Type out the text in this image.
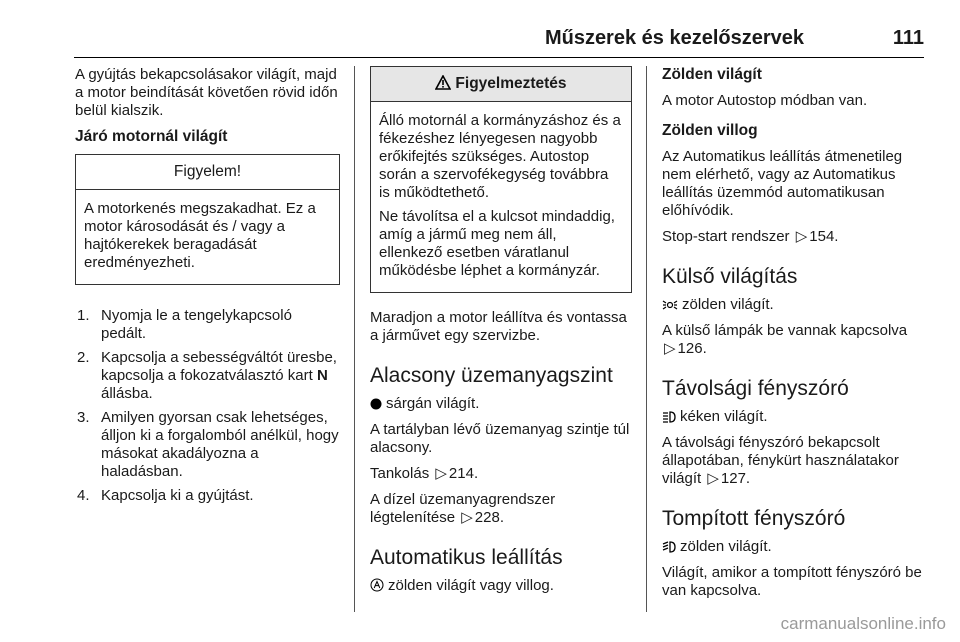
Műszerek és kezelőszervek	111

A gyújtás bekapcsolásakor világít, majd a motor beindítását követően rövid időn belül kialszik.

Járó motornál világít
Figyelem!

A motorkenés megszakadhat. Ez a motor károsodását és / vagy a hajtókerekek beragadását eredményezheti.

1. Nyomja le a tengelykapcsoló pedált.
2. Kapcsolja a sebességváltót üresbe, kapcsolja a fokozatválasztó kart N állásba.
3. Amilyen gyorsan csak lehetséges, álljon ki a forgalomból anélkül, hogy másokat akadályozna a haladásban.
4. Kapcsolja ki a gyújtást.
Figyelmeztetés

Álló motornál a kormányzáshoz és a fékezéshez lényegesen nagyobb erőkifejtés szükséges. Autostop során a szervofékegység továbbra is működtethető.

Ne távolítsa el a kulcsot mindaddig, amíg a jármű meg nem áll, ellenkező esetben váratlanul működésbe léphet a kormányzár.

Maradjon a motor leállítva és vontassa a járművet egy szervizbe.

Alacsony üzemanyagszint

sárgán világít.

A tartályban lévő üzemanyag szintje túl alacsony.

Tankolás ▷ 214.

A dízel üzemanyagrendszer légtelenítése ▷ 228.

Automatikus leállítás

zölden világít vagy villog.

Zölden világít

A motor Autostop módban van.

Zölden villog

Az Automatikus leállítás átmenetileg nem elérhető, vagy az Automatikus leállítás üzemmód automatikusan előhívódik.

Stop-start rendszer ▷ 154.

Külső világítás

zölden világít.

A külső lámpák be vannak kapcsolva ▷ 126.

Távolsági fényszóró

kéken világít.

A távolsági fényszóró bekapcsolt állapotában, fénykürt használatakor világít ▷ 127.

Tompított fényszóró

zölden világít.

Világít, amikor a tompított fényszóró be van kapcsolva.

carmanualsonline.info
